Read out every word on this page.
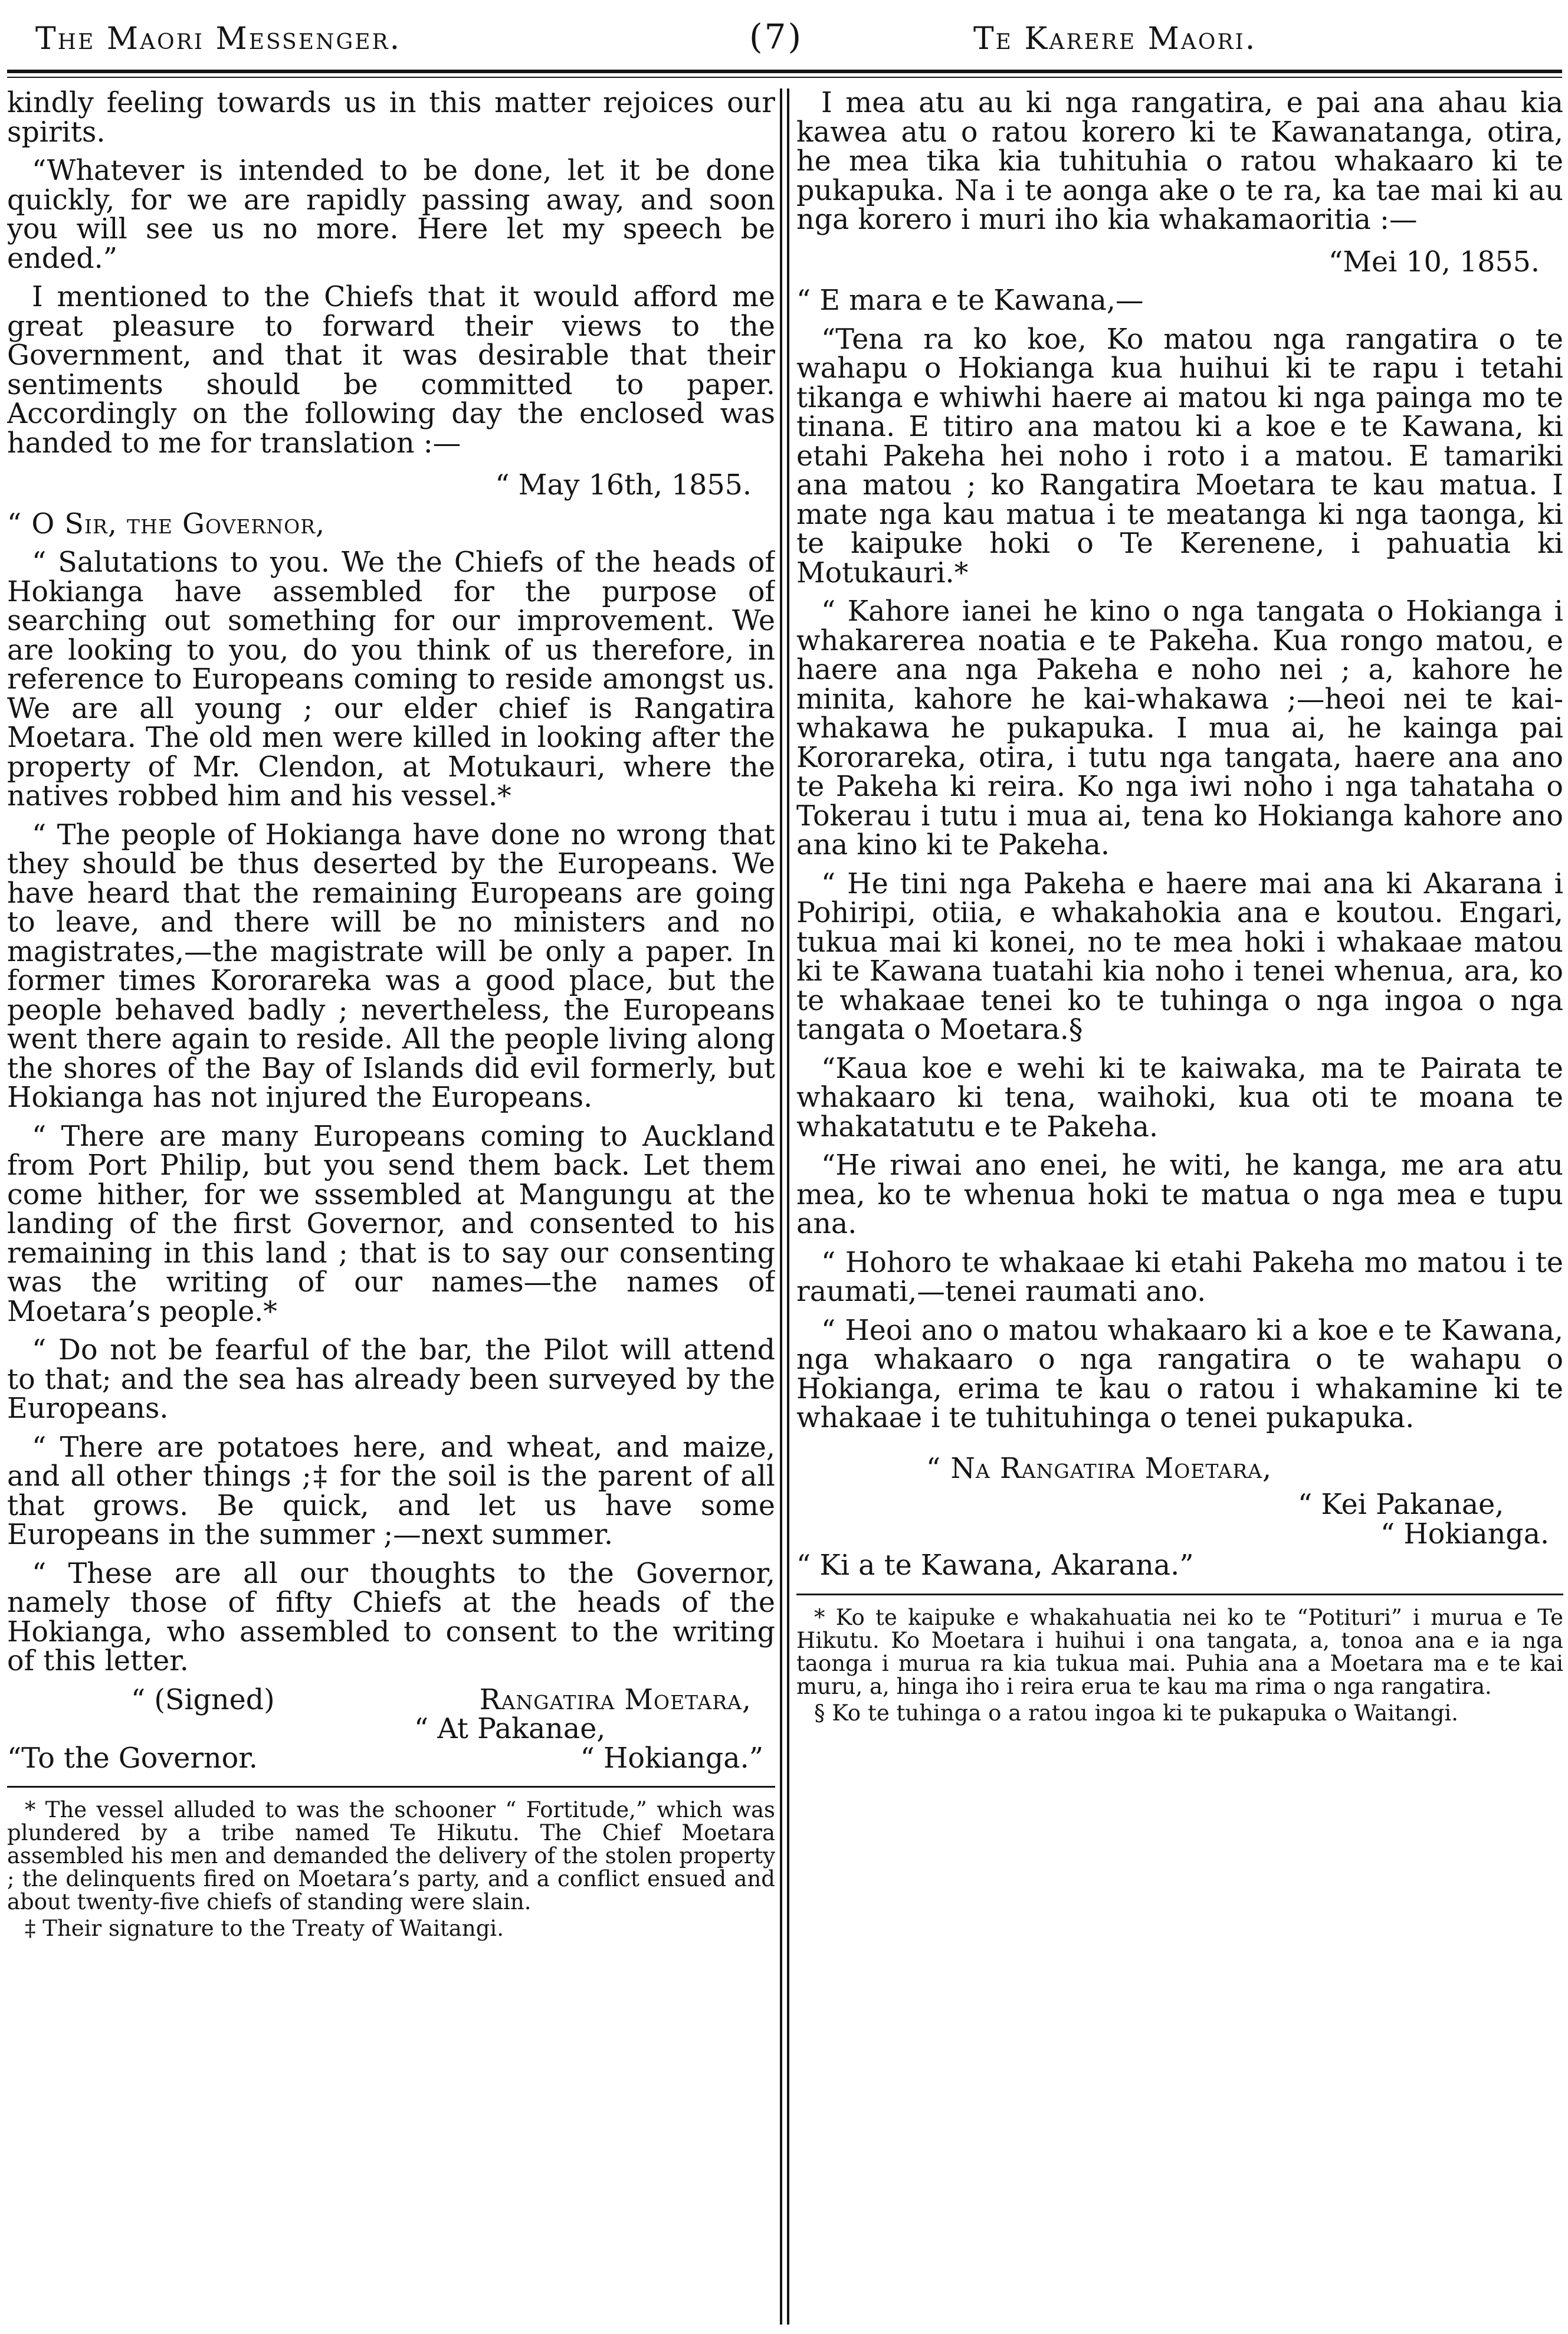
The Maori Messenger.	(7)	Te Karere Maori.

kindly feeling towards us in this matter rejoices our spirits.

“Whatever is intended to be done, let it be done quickly, for we are rapidly passing away, and soon you will see us no more. Here let my speech be ended.”

I mentioned to the Chiefs that it would afford me great pleasure to forward their views to the Government, and that it was desirable that their sentiments should be committed to paper. Accordingly on the following day the enclosed was handed to me for translation :—

“ May 16th, 1855.

“ O Sir, the Governor,

“ Salutations to you. We the Chiefs of the heads of Hokianga have assembled for the purpose of searching out something for our improvement. We are looking to you, do you think of us therefore, in reference to Europeans coming to reside amongst us. We are all young ; our elder chief is Rangatira Moetara. The old men were killed in looking after the property of Mr. Clendon, at Motukauri, where the natives robbed him and his vessel.*

“ The people of Hokianga have done no wrong that they should be thus deserted by the Europeans. We have heard that the remaining Europeans are going to leave, and there will be no ministers and no magistrates,—the magistrate will be only a paper. In former times Kororareka was a good place, but the people behaved badly ; nevertheless, the Europeans went there again to reside. All the people living along the shores of the Bay of Islands did evil formerly, but Hokianga has not injured the Europeans.

“ There are many Europeans coming to Auckland from Port Philip, but you send them back. Let them come hither, for we sssembled at Mangungu at the landing of the first Governor, and consented to his remaining in this land ; that is to say our consenting was the writing of our names—the names of Moetara’s people.*

“ Do not be fearful of the bar, the Pilot will attend to that; and the sea has already been surveyed by the Europeans.

“ There are potatoes here, and wheat, and maize, and all other things ;‡ for the soil is the parent of all that grows. Be quick, and let us have some Europeans in the summer ;—next summer.

“ These are all our thoughts to the Governor, namely those of fifty Chiefs at the heads of the Hokianga, who assembled to consent to the writing of this letter.

“ (Signed)	Rangatira Moetara,
“ At Pakanae,
“To the Governor.	“ Hokianga.”

* The vessel alluded to was the schooner “ Fortitude,” which was plundered by a tribe named Te Hikutu. The Chief Moetara assembled his men and demanded the delivery of the stolen property ; the delinquents fired on Moetara’s party, and a conflict ensued and about twenty-five chiefs of standing were slain.

‡ Their signature to the Treaty of Waitangi.

I mea atu au ki nga rangatira, e pai ana ahau kia kawea atu o ratou korero ki te Kawanatanga, otira, he mea tika kia tuhituhia o ratou whakaaro ki te pukapuka. Na i te aonga ake o te ra, ka tae mai ki au nga korero i muri iho kia whakamaoritia :—

“Mei 10, 1855.

“ E mara e te Kawana,—

“Tena ra ko koe, Ko matou nga rangatira o te wahapu o Hokianga kua huihui ki te rapu i tetahi tikanga e whiwhi haere ai matou ki nga painga mo te tinana. E titiro ana matou ki a koe e te Kawana, ki etahi Pakeha hei noho i roto i a matou. E tamariki ana matou ; ko Rangatira Moetara te kau matua. I mate nga kau matua i te meatanga ki nga taonga, ki te kaipuke hoki o Te Kerenene, i pahuatia ki Motukauri.*

“ Kahore ianei he kino o nga tangata o Hokianga i whakarerea noatia e te Pakeha. Kua rongo matou, e haere ana nga Pakeha e noho nei ; a, kahore he minita, kahore he kai-whakawa ;—heoi nei te kai-whakawa he pukapuka. I mua ai, he kainga pai Kororareka, otira, i tutu nga tangata, haere ana ano te Pakeha ki reira. Ko nga iwi noho i nga tahataha o Tokerau i tutu i mua ai, tena ko Hokianga kahore ano ana kino ki te Pakeha.

“ He tini nga Pakeha e haere mai ana ki Akarana i Pohiripi, otiia, e whakahokia ana e koutou. Engari, tukua mai ki konei, no te mea hoki i whakaae matou ki te Kawana tuatahi kia noho i tenei whenua, ara, ko te whakaae tenei ko te tuhinga o nga ingoa o nga tangata o Moetara.§

“Kaua koe e wehi ki te kaiwaka, ma te Pairata te whakaaro ki tena, waihoki, kua oti te moana te whakatatutu e te Pakeha.

“He riwai ano enei, he witi, he kanga, me ara atu mea, ko te whenua hoki te matua o nga mea e tupu ana.

“ Hohoro te whakaae ki etahi Pakeha mo matou i te raumati,—tenei raumati ano.

“ Heoi ano o matou whakaaro ki a koe e te Kawana, nga whakaaro o nga rangatira o te wahapu o Hokianga, erima te kau o ratou i whakamine ki te whakaae i te tuhituhinga o tenei pukapuka.

“ Na Rangatira Moetara,
“ Kei Pakanae,
“ Hokianga.
“ Ki a te Kawana, Akarana.”

* Ko te kaipuke e whakahuatia nei ko te “Potituri” i murua e Te Hikutu. Ko Moetara i huihui i ona tangata, a, tonoa ana e ia nga taonga i murua ra kia tukua mai. Puhia ana a Moetara ma e te kai muru, a, hinga iho i reira erua te kau ma rima o nga rangatira.

§ Ko te tuhinga o a ratou ingoa ki te pukapuka o Waitangi.
